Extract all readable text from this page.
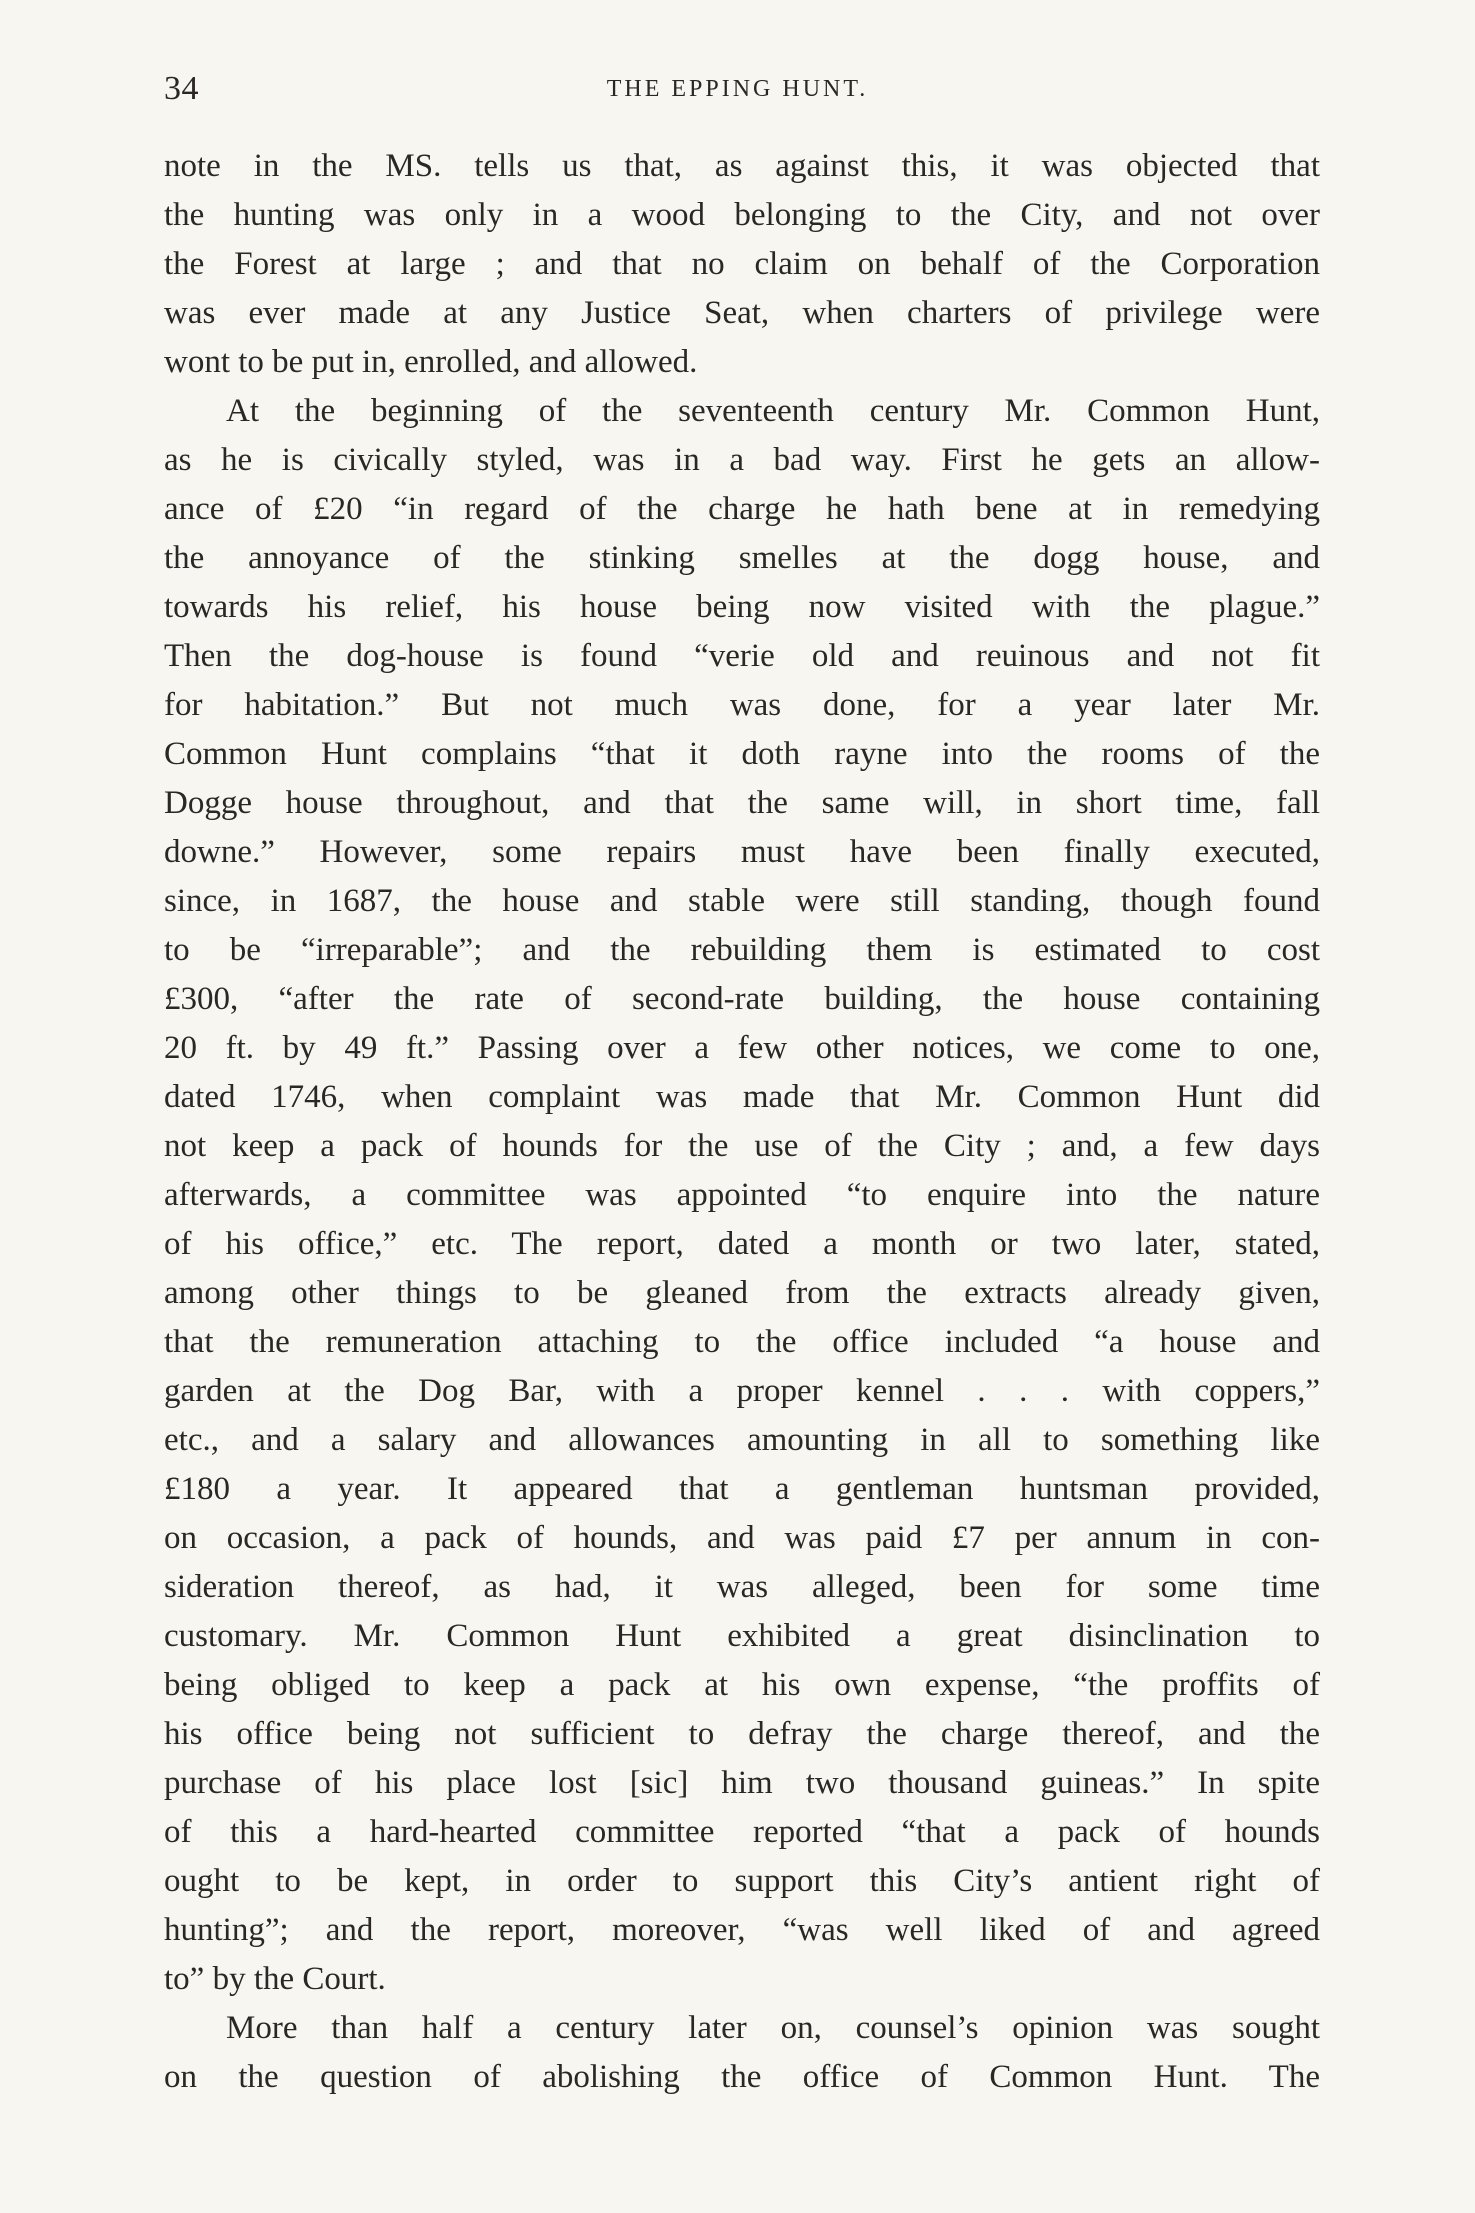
34	THE EPPING HUNT.
note in the MS. tells us that, as against this, it was objected that
the hunting was only in a wood belonging to the City, and not over
the Forest at large ; and that no claim on behalf of the Corporation
was ever made at any Justice Seat, when charters of privilege were
wont to be put in, enrolled, and allowed.
At the beginning of the seventeenth century Mr. Common Hunt,
as he is civically styled, was in a bad way. First he gets an allow-
ance of £20 “in regard of the charge he hath bene at in remedying
the annoyance of the stinking smelles at the dogg house, and
towards his relief, his house being now visited with the plague.”
Then the dog-house is found “verie old and reuinous and not fit
for habitation.” But not much was done, for a year later Mr.
Common Hunt complains “that it doth rayne into the rooms of the
Dogge house throughout, and that the same will, in short time, fall
downe.” However, some repairs must have been finally executed,
since, in 1687, the house and stable were still standing, though found
to be “irreparable”; and the rebuilding them is estimated to cost
£300, “after the rate of second-rate building, the house containing
20 ft. by 49 ft.” Passing over a few other notices, we come to one,
dated 1746, when complaint was made that Mr. Common Hunt did
not keep a pack of hounds for the use of the City ; and, a few days
afterwards, a committee was appointed “to enquire into the nature
of his office,” etc. The report, dated a month or two later, stated,
among other things to be gleaned from the extracts already given,
that the remuneration attaching to the office included “a house and
garden at the Dog Bar, with a proper kennel . . . with coppers,”
etc., and a salary and allowances amounting in all to something like
£180 a year. It appeared that a gentleman huntsman provided,
on occasion, a pack of hounds, and was paid £7 per annum in con-
sideration thereof, as had, it was alleged, been for some time
customary. Mr. Common Hunt exhibited a great disinclination to
being obliged to keep a pack at his own expense, “the proffits of
his office being not sufficient to defray the charge thereof, and the
purchase of his place lost [sic] him two thousand guineas.” In spite
of this a hard-hearted committee reported “that a pack of hounds
ought to be kept, in order to support this City’s antient right of
hunting”; and the report, moreover, “was well liked of and agreed
to” by the Court.
More than half a century later on, counsel’s opinion was sought
on the question of abolishing the office of Common Hunt. The
